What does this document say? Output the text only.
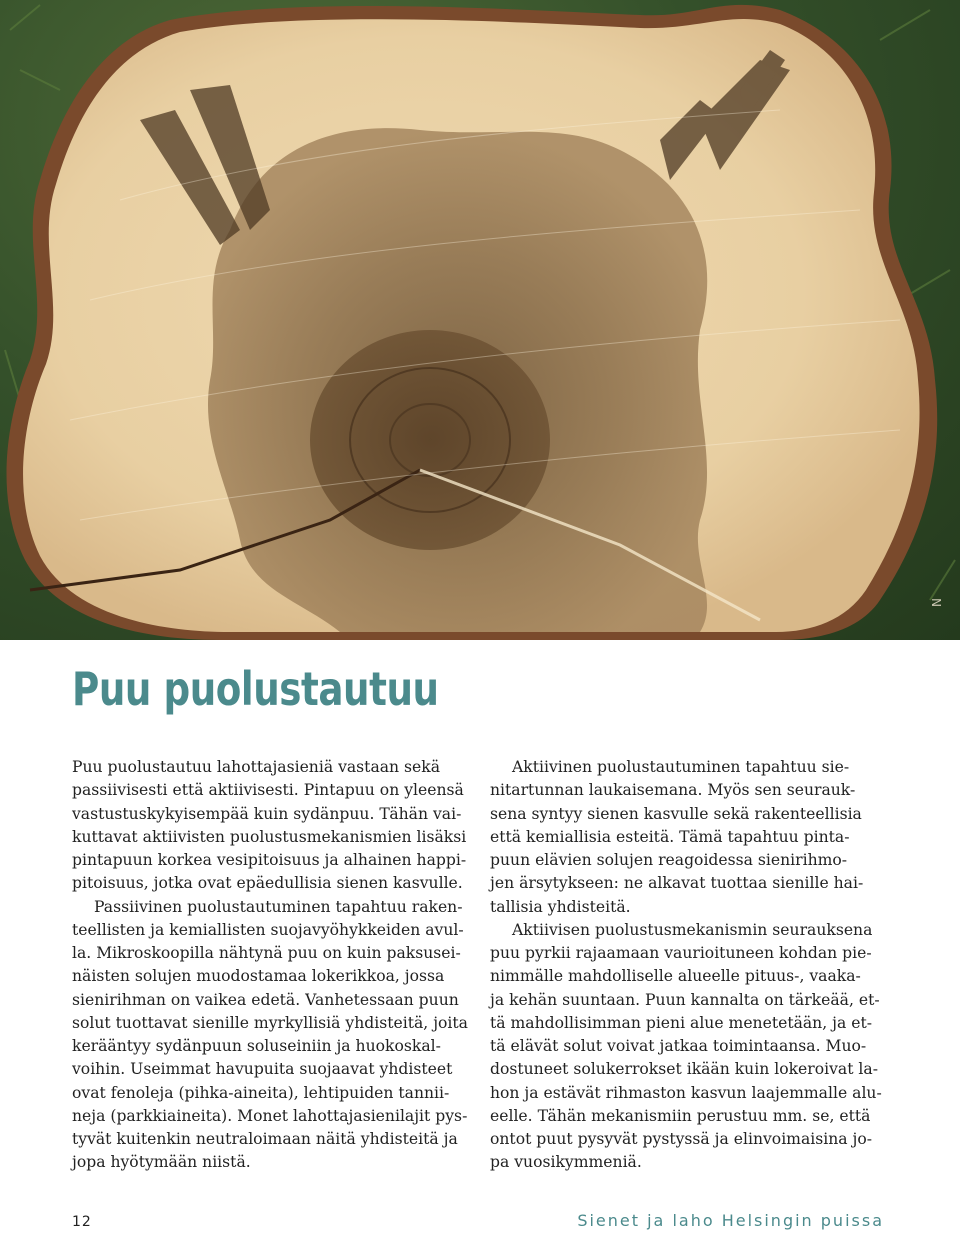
N
Puu puolustautuu

Puu puolustautuu lahottajasieniä vastaan sekä

passiivisesti että aktiivisesti. Pintapuu on yleensä

vastustuskykyisempää kuin sydänpuu. Tähän vai-

kuttavat aktiivisten puolustusmekanismien lisäksi

pintapuun korkea vesipitoisuus ja alhainen happi-

pitoisuus, jotka ovat epäedullisia sienen kasvulle.

Passiivinen puolustautuminen tapahtuu raken-

teellisten ja kemiallisten suojavyöhykkeiden avul-

la. Mikroskoopilla nähtynä puu on kuin paksusei-

näisten solujen muodostamaa lokerikkoa, jossa

sienirihman on vaikea edetä. Vanhetessaan puun

solut tuottavat sienille myrkyllisiä yhdisteitä, joita

kerääntyy sydänpuun soluseiniin ja huokoskal-

voihin. Useimmat havupuita suojaavat yhdisteet

ovat fenoleja (pihka-aineita), lehtipuiden tannii-

neja (parkkiaineita). Monet lahottajasienilajit pys-

tyvät kuitenkin neutraloimaan näitä yhdisteitä ja

jopa hyötymään niistä.

Aktiivinen puolustautuminen tapahtuu sie-

nitartunnan laukaisemana. Myös sen seurauk-

sena syntyy sienen kasvulle sekä rakenteellisia

että kemiallisia esteitä. Tämä tapahtuu pinta-

puun elävien solujen reagoidessa sienirihmo-

jen ärsytykseen: ne alkavat tuottaa sienille hai-

tallisia yhdisteitä.

Aktiivisen puolustusmekanismin seurauksena

puu pyrkii rajaamaan vaurioituneen kohdan pie-

nimmälle mahdolliselle alueelle pituus-, vaaka-

ja kehän suuntaan. Puun kannalta on tärkeää, et-

tä mahdollisimman pieni alue menetetään, ja et-

tä elävät solut voivat jatkaa toimintaansa. Muo-

dostuneet solukerrokset ikään kuin lokeroivat la-

hon ja estävät rihmaston kasvun laajemmalle alu-

eelle. Tähän mekanismiin perustuu mm. se, että

ontot puut pysyvät pystyssä ja elinvoimaisina jo-

pa vuosikymmeniä.

12	Sienet ja laho Helsingin puissa
